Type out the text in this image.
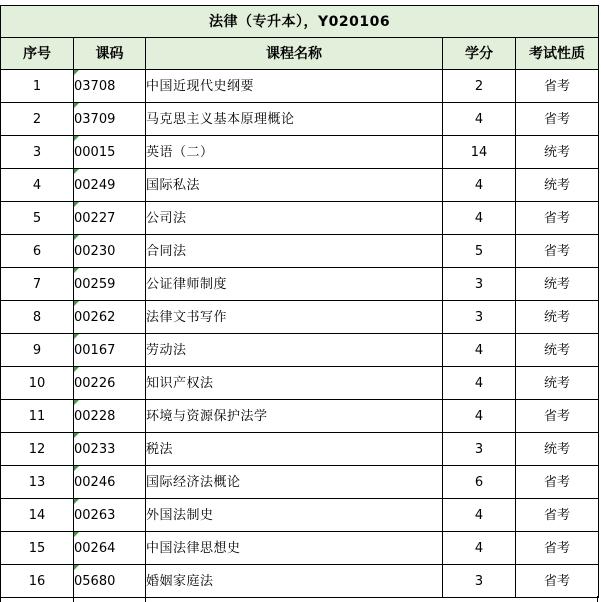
法律（专升本），Y020106				
序号	课码	课程名称	学分	考试性质
1	03708	中国近现代史纲要	2	省考
2	03709	马克思主义基本原理概论	4	省考
3	00015	英语（二）	14	统考
4	00249	国际私法	4	统考
5	00227	公司法	4	省考
6	00230	合同法	5	省考
7	00259	公证律师制度	3	统考
8	00262	法律文书写作	3	统考
9	00167	劳动法	4	统考
10	00226	知识产权法	4	统考
11	00228	环境与资源保护法学	4	省考
12	00233	税法	3	统考
13	00246	国际经济法概论	6	省考
14	00263	外国法制史	4	省考
15	00264	中国法律思想史	4	省考
16	05680	婚姻家庭法	3	省考
